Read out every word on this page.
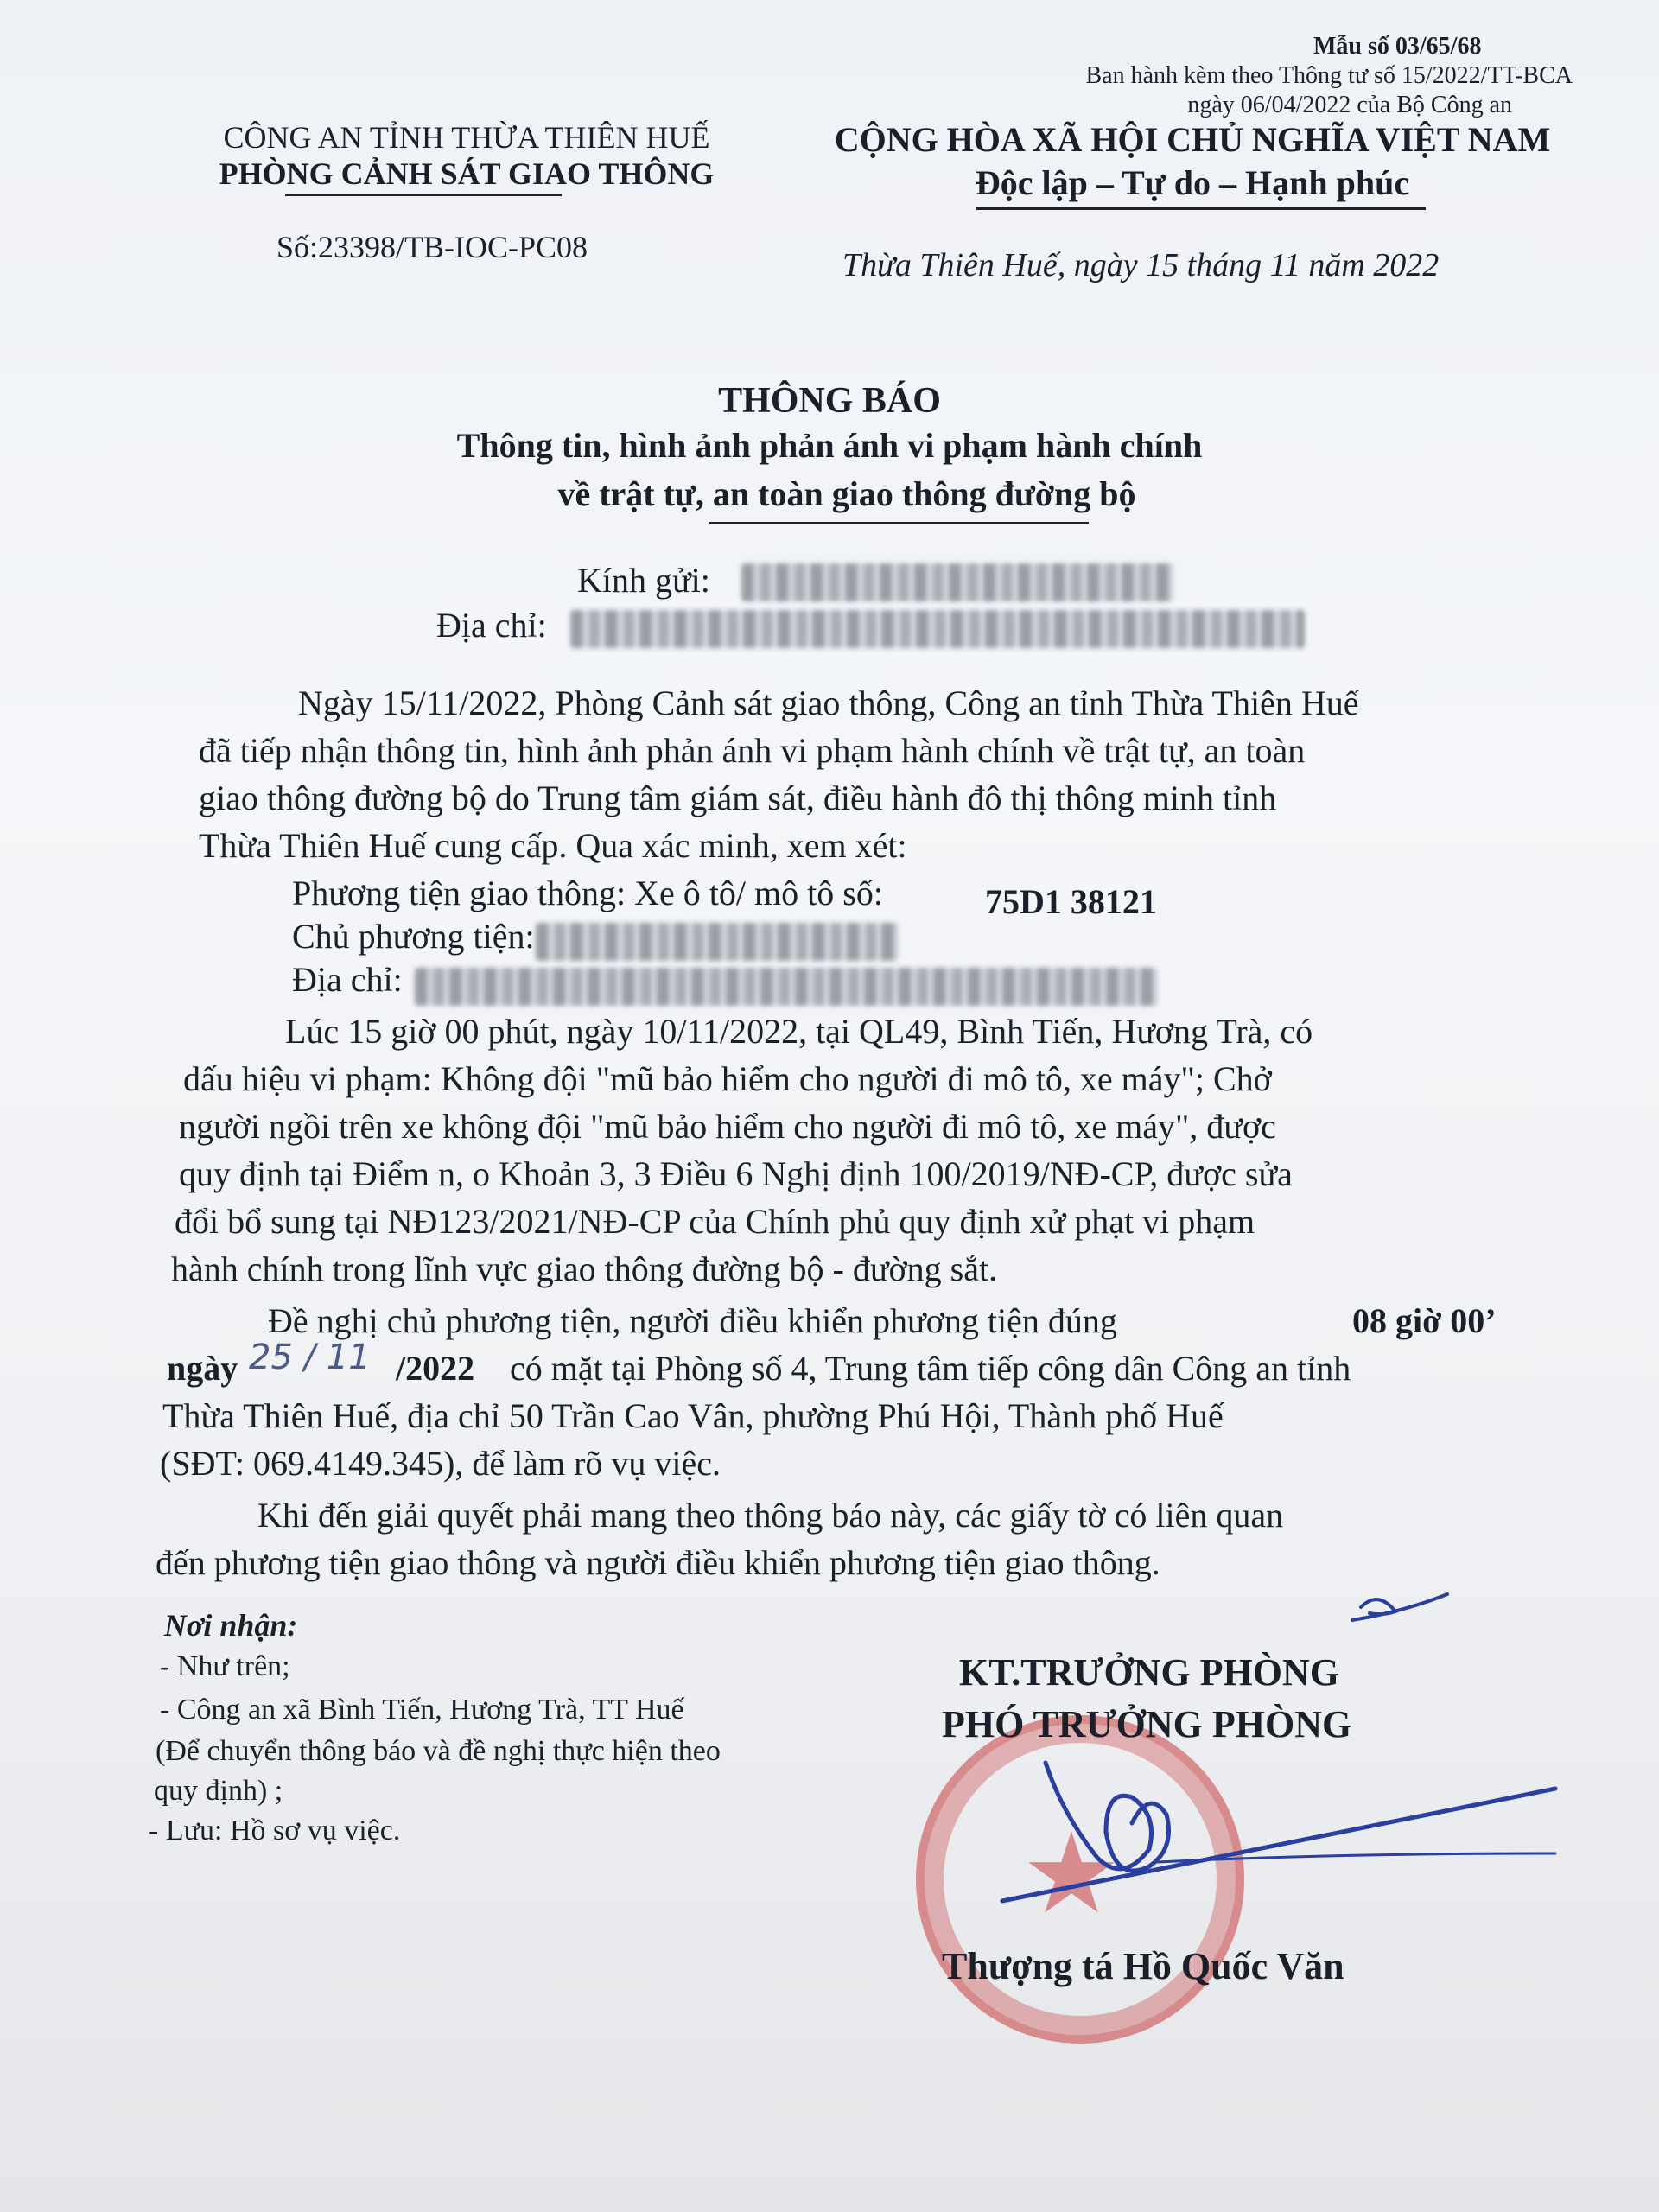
Mẫu số 03/65/68
Ban hành kèm theo Thông tư số 15/2022/TT-BCA
ngày 06/04/2022 của Bộ Công an
CÔNG AN TỈNH THỪA THIÊN HUẾ
PHÒNG CẢNH SÁT GIAO THÔNG
Số:23398/TB-IOC-PC08
CỘNG HÒA XÃ HỘI CHỦ NGHĨA VIỆT NAM
Độc lập – Tự do – Hạnh phúc
Thừa Thiên Huế, ngày 15 tháng 11 năm 2022
THÔNG BÁO
Thông tin, hình ảnh phản ánh vi phạm hành chính
về trật tự, an toàn giao thông đường bộ
Kính gửi:
Địa chỉ:
Ngày 15/11/2022, Phòng Cảnh sát giao thông, Công an tỉnh Thừa Thiên Huế
đã tiếp nhận thông tin, hình ảnh phản ánh vi phạm hành chính về trật tự, an toàn
giao thông đường bộ do Trung tâm giám sát, điều hành đô thị thông minh tỉnh
Thừa Thiên Huế cung cấp. Qua xác minh, xem xét:
Phương tiện giao thông: Xe ô tô/ mô tô số:	75D1 38121
Chủ phương tiện:
Địa chỉ:
Lúc 15 giờ 00 phút, ngày 10/11/2022, tại QL49, Bình Tiến, Hương Trà, có
dấu hiệu vi phạm: Không đội "mũ bảo hiểm cho người đi mô tô, xe máy"; Chở
người ngồi trên xe không đội "mũ bảo hiểm cho người đi mô tô, xe máy", được
quy định tại Điểm n, o Khoản 3, 3 Điều 6 Nghị định 100/2019/NĐ-CP, được sửa
đổi bổ sung tại NĐ123/2021/NĐ-CP của Chính phủ quy định xử phạt vi phạm
hành chính trong lĩnh vực giao thông đường bộ - đường sắt.
Đề nghị chủ phương tiện, người điều khiển phương tiện đúng	08 giờ 00’
ngày 25 / 11 /2022 có mặt tại Phòng số 4, Trung tâm tiếp công dân Công an tỉnh
Thừa Thiên Huế, địa chỉ 50 Trần Cao Vân, phường Phú Hội, Thành phố Huế
(SĐT: 069.4149.345), để làm rõ vụ việc.
Khi đến giải quyết phải mang theo thông báo này, các giấy tờ có liên quan
đến phương tiện giao thông và người điều khiển phương tiện giao thông.
Nơi nhận:
- Như trên;
- Công an xã Bình Tiến, Hương Trà, TT Huế
(Để chuyển thông báo và đề nghị thực hiện theo
quy định) ;
- Lưu: Hồ sơ vụ việc.	★
KT.TRƯỞNG PHÒNG
PHÓ TRƯỞNG PHÒNG
Thượng tá Hồ Quốc Văn
